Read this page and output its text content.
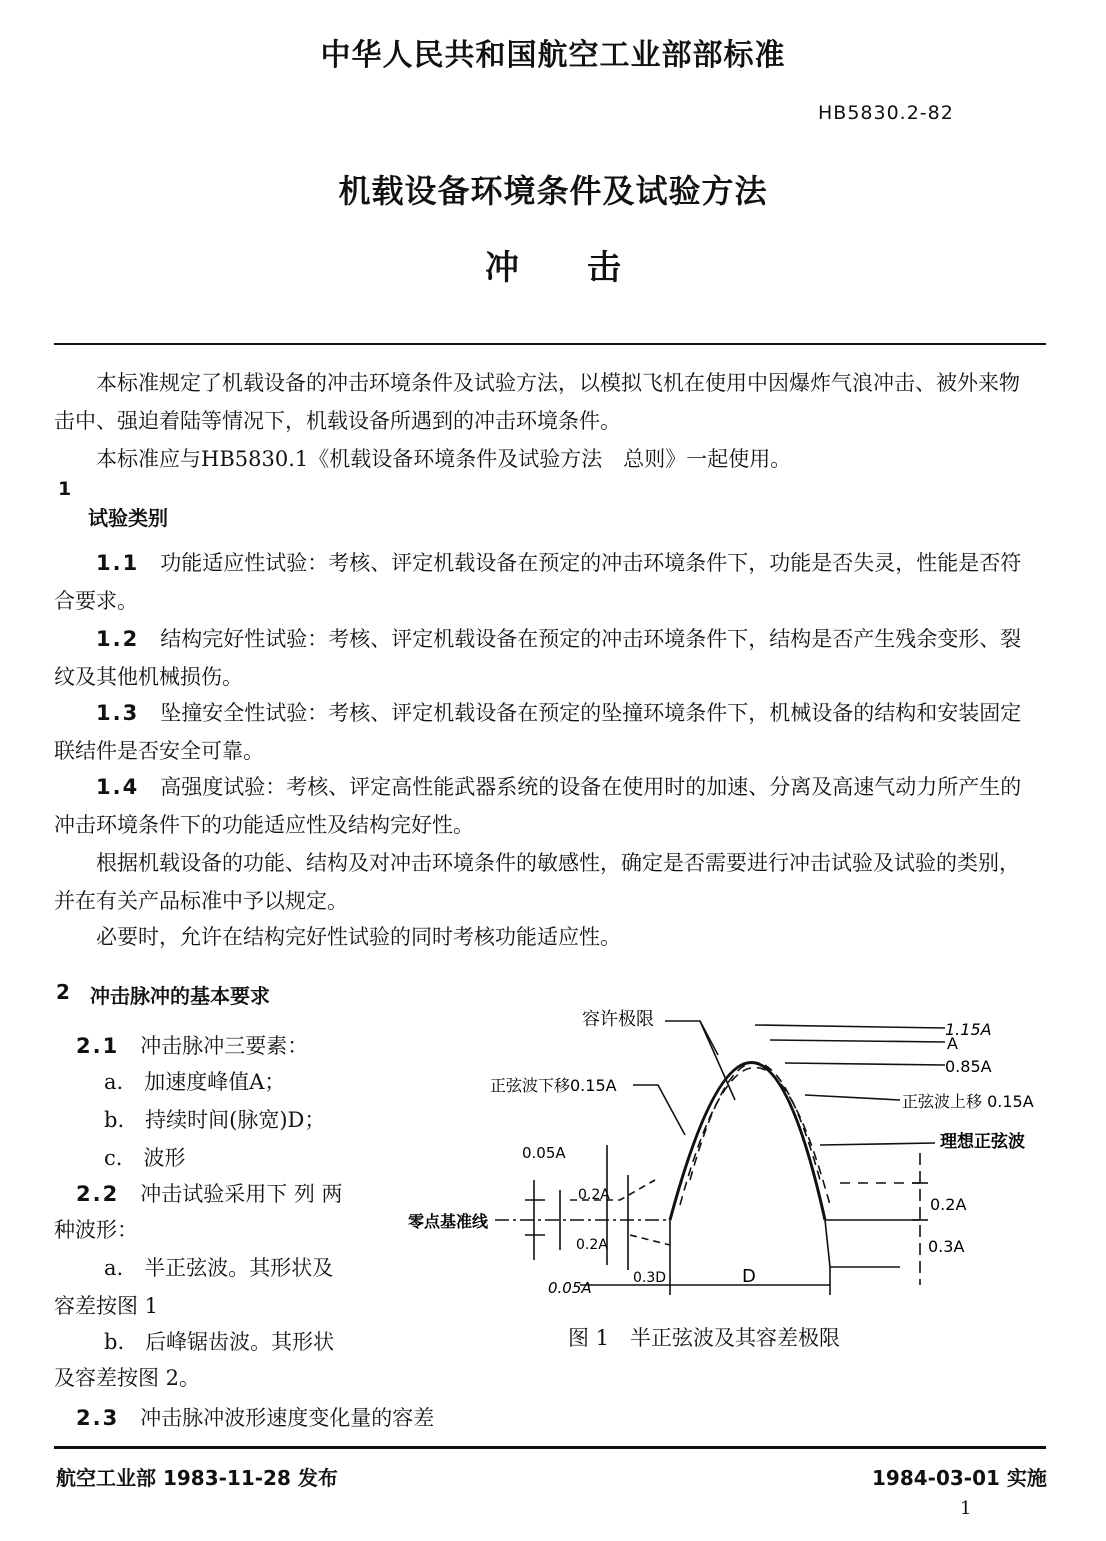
中华人民共和国航空工业部部标准
HB5830.2-82
机载设备环境条件及试验方法
冲　　击

本标准规定了机载设备的冲击环境条件及试验方法，以模拟飞机在使用中因爆炸气浪冲击、被外来物击中、强迫着陆等情况下，机载设备所遇到的冲击环境条件。

本标准应与HB5830.1《机载设备环境条件及试验方法　总则》一起使用。

1
试验类别
1.1　 功能适应性试验：考核、评定机载设备在预定的冲击环境条件下，功能是否失灵，性能是否符合要求。
1.2　 结构完好性试验：考核、评定机载设备在预定的冲击环境条件下，结构是否产生残余变形、裂纹及其他机械损伤。
1.3　 坠撞安全性试验：考核、评定机载设备在预定的坠撞环境条件下，机械设备的结构和安装固定联结件是否安全可靠。
1.4　 高强度试验：考核、评定高性能武器系统的设备在使用时的加速、分离及高速气动力所产生的冲击环境条件下的功能适应性及结构完好性。

根据机载设备的功能、结构及对冲击环境条件的敏感性，确定是否需要进行冲击试验及试验的类别，并在有关产品标准中予以规定。

必要时，允许在结构完好性试验的同时考核功能适应性。

2 冲击脉冲的基本要求
2.1　 冲击脉冲三要素：
a.　 加速度峰值A；
b.　 持续时间(脉宽)D；
c.　 波形
2.2　 冲击试验采用下 列 两
种波形：
a.　 半正弦波。其形状及
容差按图 1
b.　 后峰锯齿波。其形状
及容差按图 2。
2.3　 冲击脉冲波形速度变化量的容差
容许极限
正弦波下移0.15A
1.15A
A
0.85A
正弦波上移 0.15A
理想正弦波
零点基准线
0.05A
0.2A
0.2A
0.05A
0.3D	D
0.2A
0.3A
图 1　半正弦波及其容差极限
航空工业部 1983-11-28 发布	1984-03-01 实施
1
